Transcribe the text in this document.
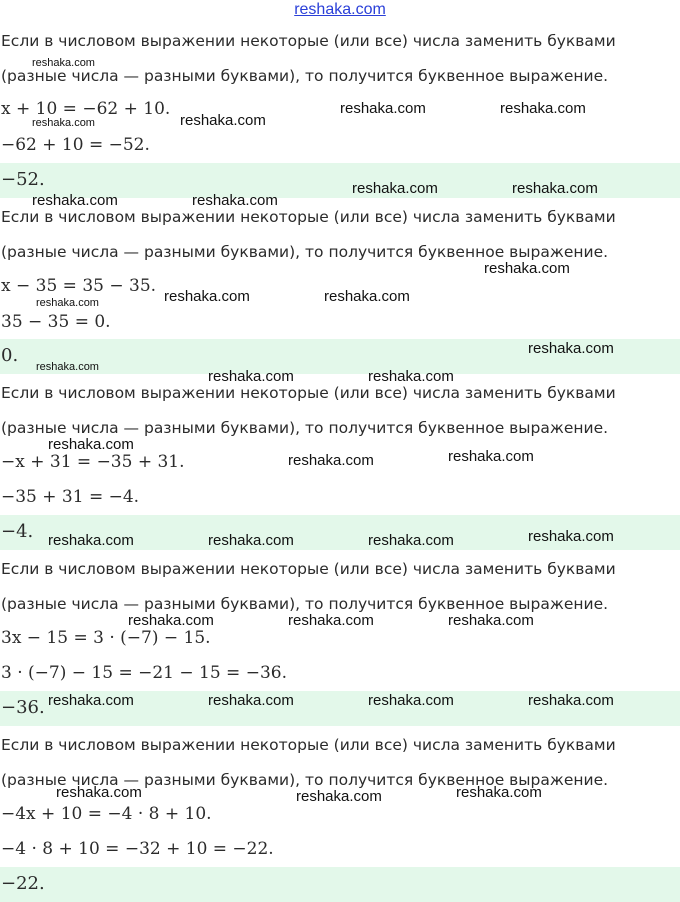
reshaka.com
Если в числовом выражении некоторые (или все) числа заменить буквами
(разные числа — разными буквами), то получится буквенное выражение.
x + 10 = −62 + 10.
−62 + 10 = −52.
−52.
Если в числовом выражении некоторые (или все) числа заменить буквами
(разные числа — разными буквами), то получится буквенное выражение.
x − 35 = 35 − 35.
35 − 35 = 0.
0.
Если в числовом выражении некоторые (или все) числа заменить буквами
(разные числа — разными буквами), то получится буквенное выражение.
−x + 31 = −35 + 31.
−35 + 31 = −4.
−4.
Если в числовом выражении некоторые (или все) числа заменить буквами
(разные числа — разными буквами), то получится буквенное выражение.
3x − 15 = 3 · (−7) − 15.
3 · (−7) − 15 = −21 − 15 = −36.
−36.
Если в числовом выражении некоторые (или все) числа заменить буквами
(разные числа — разными буквами), то получится буквенное выражение.
−4x + 10 = −4 · 8 + 10.
−4 · 8 + 10 = −32 + 10 = −22.
−22.
reshaka.com
reshaka.com	reshaka.com
reshaka.com	reshaka.com
reshaka.com	reshaka.com
reshaka.com	reshaka.com
reshaka.com
reshaka.com	reshaka.com	reshaka.com
reshaka.com
reshaka.com
reshaka.com	reshaka.com
reshaka.com
reshaka.com	reshaka.com
reshaka.com	reshaka.com	reshaka.com	reshaka.com
reshaka.com	reshaka.com	reshaka.com
reshaka.com	reshaka.com	reshaka.com	reshaka.com
reshaka.com	reshaka.com	reshaka.com
